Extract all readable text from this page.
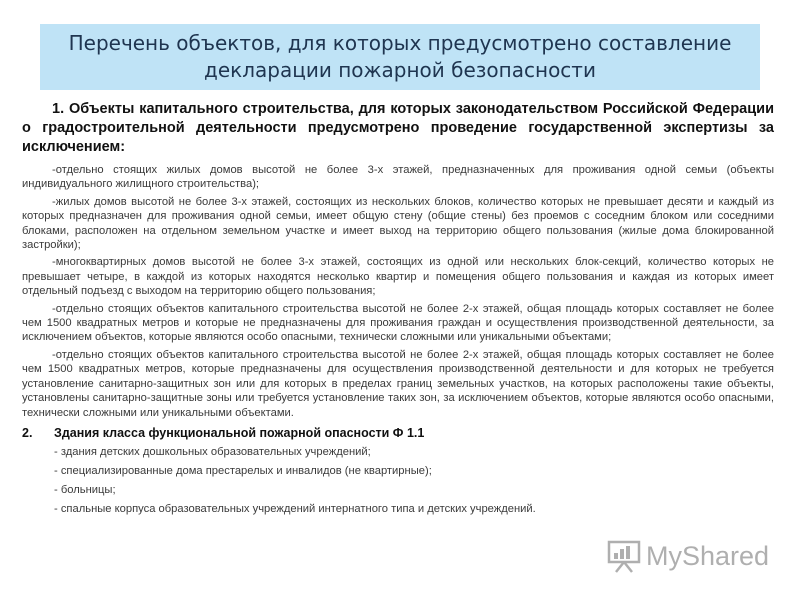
Перечень объектов, для которых предусмотрено составление декларации пожарной безопасности

1. Объекты капитального строительства, для которых законодательством Российской Федерации о градостроительной деятельности предусмотрено проведение государственной экспертизы за исключением:

-отдельно стоящих жилых домов высотой не более 3-х этажей, предназначенных для проживания одной семьи (объекты индивидуального жилищного строительства);

-жилых домов высотой не более 3-х этажей, состоящих из нескольких блоков, количество которых не превышает десяти и каждый из которых предназначен для проживания одной семьи, имеет общую стену (общие стены) без проемов с соседним блоком или соседними блоками, расположен на отдельном земельном участке и имеет выход на территорию общего пользования (жилые дома блокированной застройки);

-многоквартирных домов высотой не более 3-х этажей, состоящих из одной или нескольких блок-секций, количество которых не превышает четыре, в каждой из которых находятся несколько квартир и помещения общего пользования и каждая из которых имеет отдельный подъезд с выходом на территорию общего пользования;

-отдельно стоящих объектов капитального строительства высотой не более 2-х этажей, общая площадь которых составляет не более чем 1500 квадратных метров и которые не предназначены для проживания граждан и осуществления производственной деятельности, за исключением объектов, которые являются особо опасными, технически сложными или уникальными объектами;

-отдельно стоящих объектов капитального строительства высотой не более 2-х этажей, общая площадь которых составляет не более чем 1500 квадратных метров, которые предназначены для осуществления производственной деятельности и для которых не требуется установление санитарно-защитных зон или для которых в пределах границ земельных участков, на которых расположены такие объекты, установлены санитарно-защитные зоны или требуется установление таких зон, за исключением объектов, которые являются особо опасными, технически сложными или уникальными объектами.

2.	Здания класса функциональной пожарной опасности Ф 1.1
- здания детских дошкольных образовательных учреждений;
- специализированные дома престарелых и инвалидов (не квартирные);
- больницы;
- спальные корпуса образовательных учреждений интернатного типа и детских учреждений.
MyShared
